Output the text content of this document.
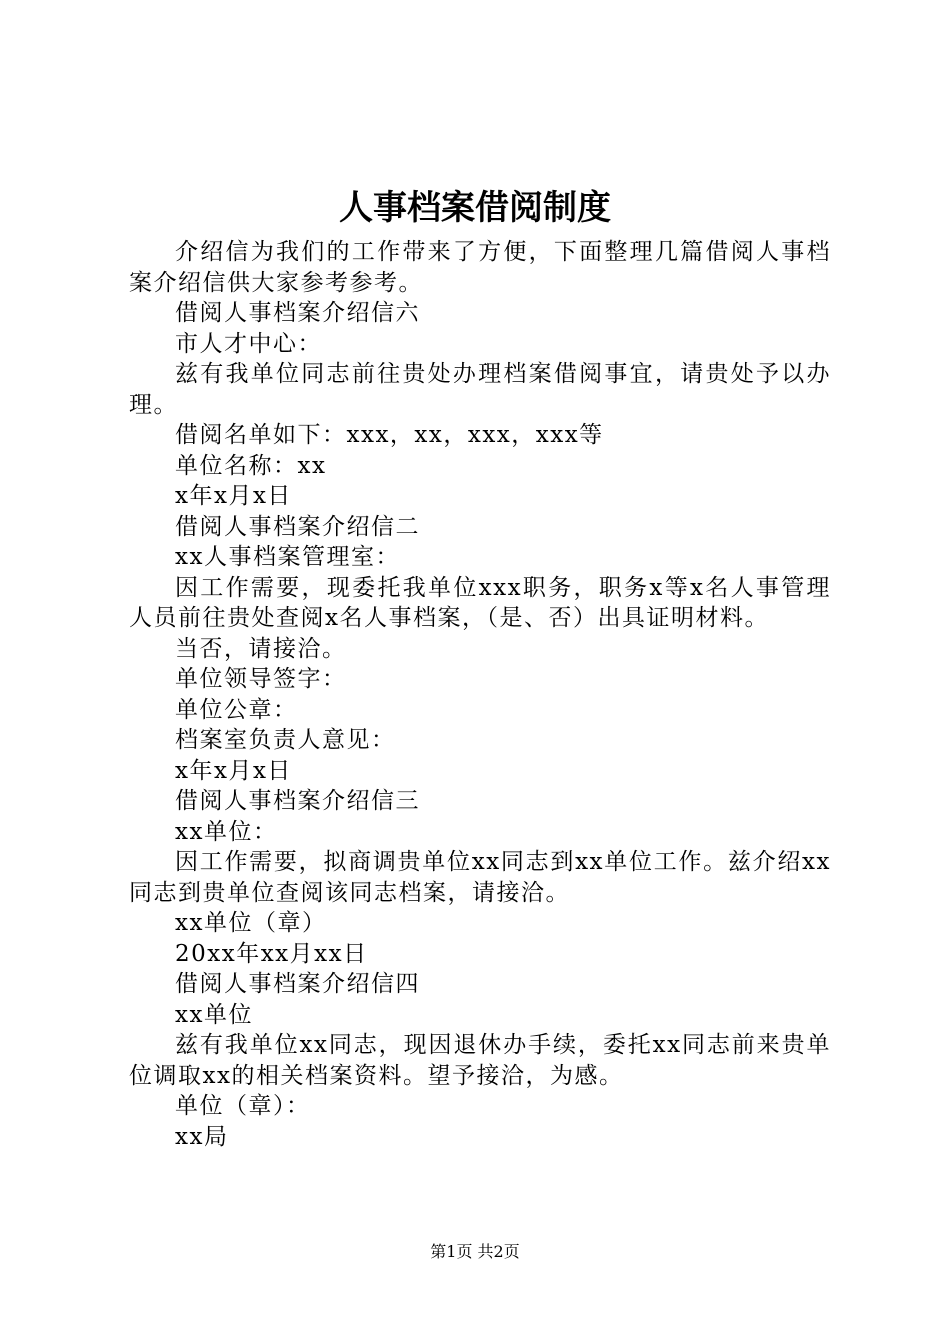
人事档案借阅制度

介绍信为我们的工作带来了方便，下面整理几篇借阅人事档案介绍信供大家参考参考。

借阅人事档案介绍信六

市人才中心：

兹有我单位同志前往贵处办理档案借阅事宜，请贵处予以办理。

借阅名单如下：xxx，xx，xxx，xxx等

单位名称：xx

x年x月x日

借阅人事档案介绍信二

xx人事档案管理室：

因工作需要，现委托我单位xxx职务，职务x等x名人事管理人员前往贵处查阅x名人事档案，（是、否）出具证明材料。

当否，请接洽。

单位领导签字：

单位公章：

档案室负责人意见：

x年x月x日

借阅人事档案介绍信三

xx单位：

因工作需要，拟商调贵单位xx同志到xx单位工作。兹介绍xx同志到贵单位查阅该同志档案，请接洽。

xx单位（章）

20xx年xx月xx日

借阅人事档案介绍信四

xx单位

兹有我单位xx同志，现因退休办手续，委托xx同志前来贵单位调取xx的相关档案资料。望予接洽，为感。

单位（章）：

xx局

第1页 共2页
